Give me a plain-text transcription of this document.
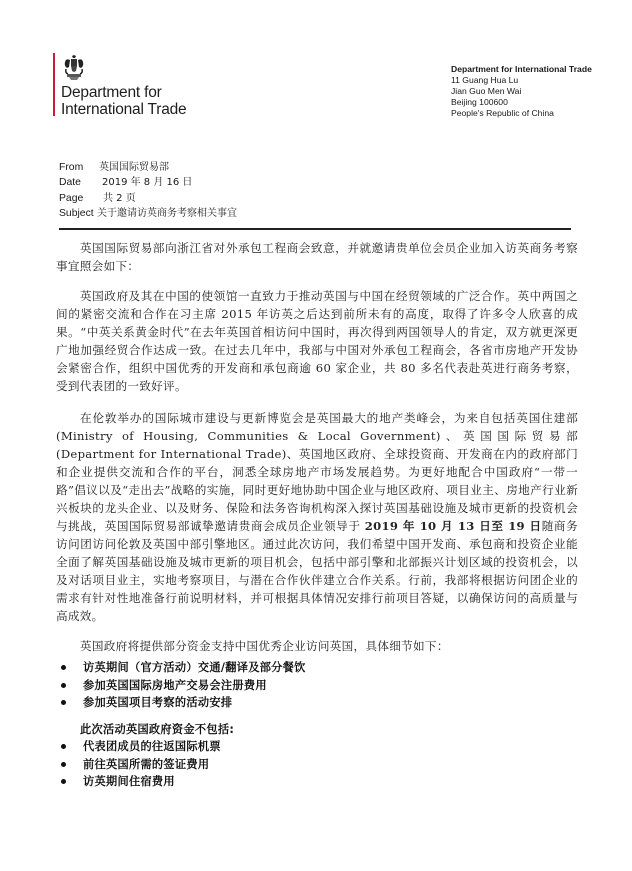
Department for
International Trade
Department for International Trade
11 Guang Hua Lu
Jian Guo Men Wai
Beijing 100600
People's Republic of China
From	英国国际贸易部
Date	2019 年 8 月 16 日
Page	共 2 页
Subject 关于邀请访英商务考察相关事宜

英国国际贸易部向浙江省对外承包工程商会致意，并就邀请贵单位会员企业加入访英商务考察事宜照会如下：

英国政府及其在中国的使领馆一直致力于推动英国与中国在经贸领域的广泛合作。英中两国之间的紧密交流和合作在习主席 2015 年访英之后达到前所未有的高度，取得了许多令人欣喜的成果。“中英关系黄金时代”在去年英国首相访问中国时，再次得到两国领导人的肯定，双方就更深更广地加强经贸合作达成一致。在过去几年中，我部与中国对外承包工程商会，各省市房地产开发协会紧密合作，组织中国优秀的开发商和承包商逾 60 家企业，共 80 多名代表赴英进行商务考察，受到代表团的一致好评。

在伦敦举办的国际城市建设与更新博览会是英国最大的地产类峰会，为来自包括英国住建部(Ministry of Housing, Communities & Local Government)、英国国际贸易部 (Department for International Trade)、英国地区政府、全球投资商、开发商在内的政府部门和企业提供交流和合作的平台，洞悉全球房地产市场发展趋势。为更好地配合中国政府“一带一路”倡议以及“走出去”战略的实施，同时更好地协助中国企业与地区政府、项目业主、房地产行业新兴板块的龙头企业、以及财务、保险和法务咨询机构深入探讨英国基础设施及城市更新的投资机会与挑战，英国国际贸易部诚挚邀请贵商会成员企业领导于 2019 年 10 月 13 日至 19 日随商务访问团访问伦敦及英国中部引擎地区。通过此次访问，我们希望中国开发商、承包商和投资企业能全面了解英国基础设施及城市更新的项目机会，包括中部引擎和北部振兴计划区域的投资机会，以及对话项目业主，实地考察项目，与潜在合作伙伴建立合作关系。行前，我部将根据访问团企业的需求有针对性地准备行前说明材料，并可根据具体情况安排行前项目答疑，以确保访问的高质量与高成效。

英国政府将提供部分资金支持中国优秀企业访问英国，具体细节如下：

访英期间（官方活动）交通/翻译及部分餐饮
参加英国国际房地产交易会注册费用
参加英国项目考察的活动安排
此次活动英国政府资金不包括:
代表团成员的往返国际机票
前往英国所需的签证费用
访英期间住宿费用
